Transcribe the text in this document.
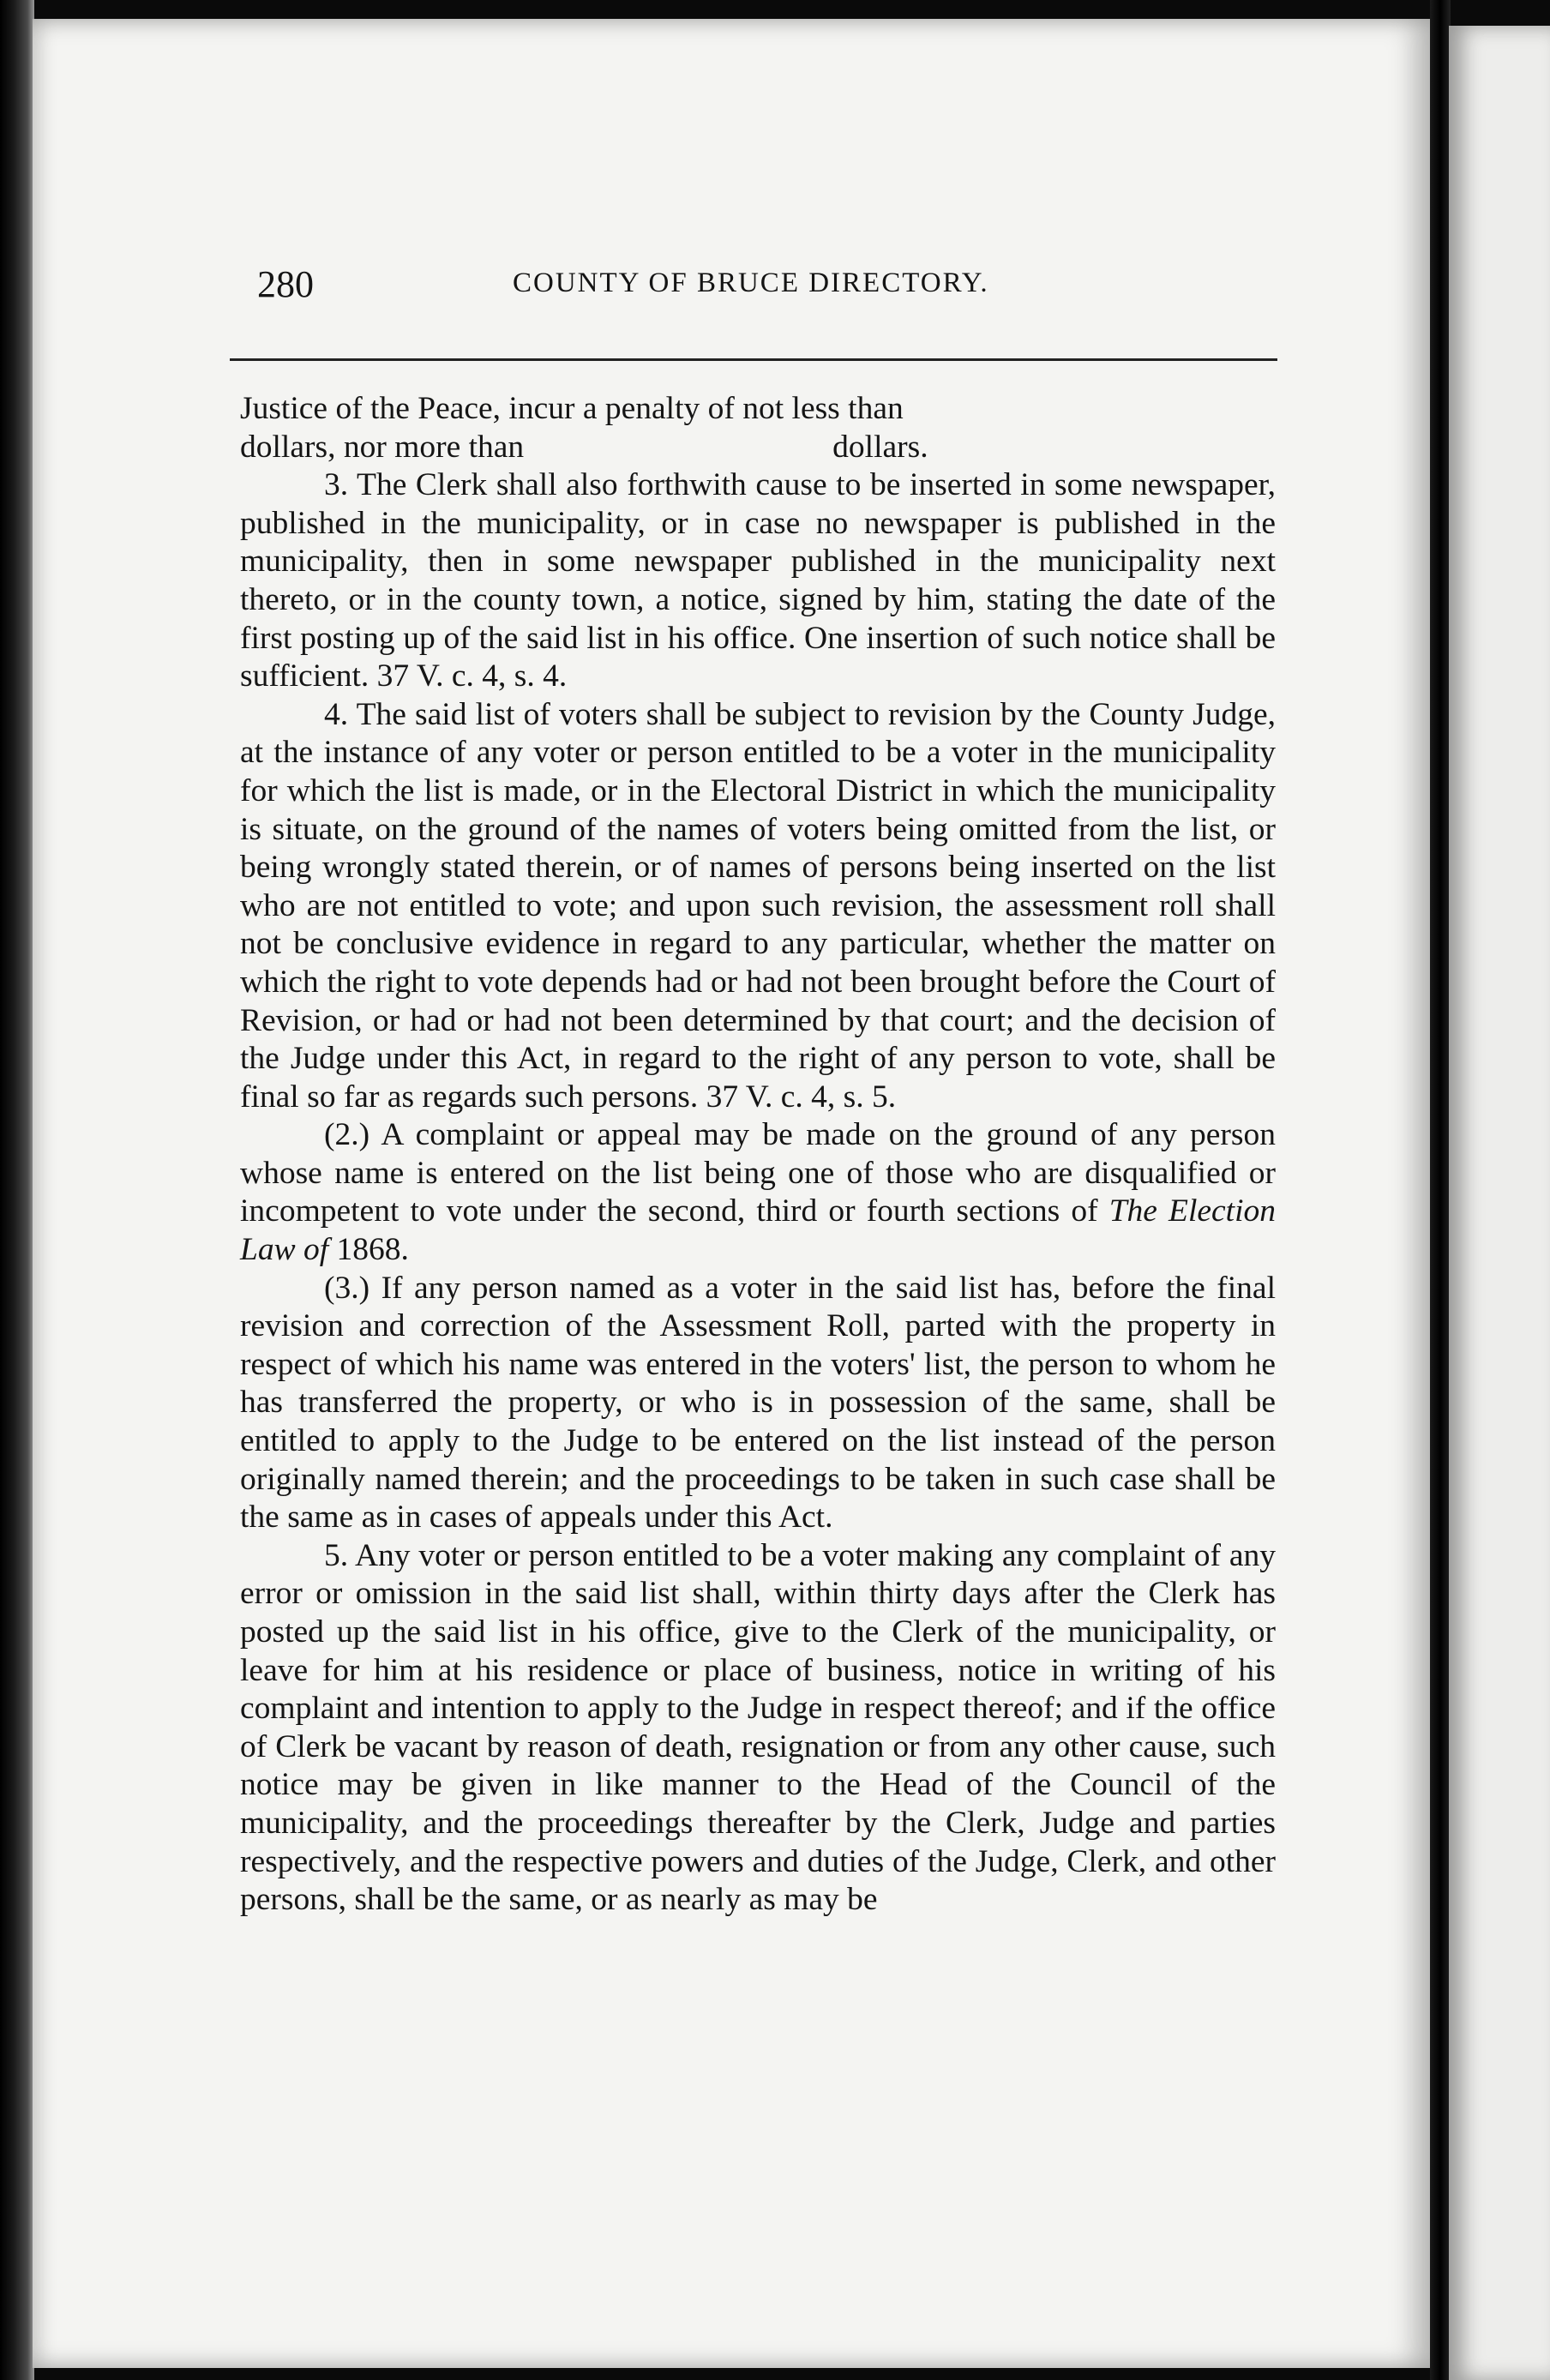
280	COUNTY OF BRUCE DIRECTORY.

Justice of the Peace, incur a penalty of not less than
dollars, nor more than	dollars.

3. The Clerk shall also forthwith cause to be inserted in some newspaper, published in the municipality, or in case no newspaper is published in the municipality, then in some newspaper published in the municipality next thereto, or in the county town, a notice, signed by him, stating the date of the first posting up of the said list in his office. One insertion of such notice shall be sufficient. 37 V. c. 4, s. 4.

4. The said list of voters shall be subject to revision by the County Judge, at the instance of any voter or person entitled to be a voter in the municipality for which the list is made, or in the Electoral District in which the municipality is situate, on the ground of the names of voters being omitted from the list, or being wrongly stated therein, or of names of persons being inserted on the list who are not entitled to vote; and upon such revision, the assessment roll shall not be conclusive evidence in regard to any particular, whether the matter on which the right to vote depends had or had not been brought before the Court of Revision, or had or had not been determined by that court; and the decision of the Judge under this Act, in regard to the right of any person to vote, shall be final so far as regards such persons. 37 V. c. 4, s. 5.

(2.) A complaint or appeal may be made on the ground of any person whose name is entered on the list being one of those who are disqualified or incompetent to vote under the second, third or fourth sections of The Election Law of 1868.

(3.) If any person named as a voter in the said list has, before the final revision and correction of the Assessment Roll, parted with the property in respect of which his name was entered in the voters' list, the person to whom he has transferred the property, or who is in possession of the same, shall be entitled to apply to the Judge to be entered on the list instead of the person originally named therein; and the proceedings to be taken in such case shall be the same as in cases of appeals under this Act.

5. Any voter or person entitled to be a voter making any complaint of any error or omission in the said list shall, within thirty days after the Clerk has posted up the said list in his office, give to the Clerk of the municipality, or leave for him at his residence or place of business, notice in writing of his complaint and intention to apply to the Judge in respect thereof; and if the office of Clerk be vacant by reason of death, resignation or from any other cause, such notice may be given in like manner to the Head of the Council of the municipality, and the proceedings thereafter by the Clerk, Judge and parties respectively, and the respective powers and duties of the Judge, Clerk, and other persons, shall be the same, or as nearly as may be
